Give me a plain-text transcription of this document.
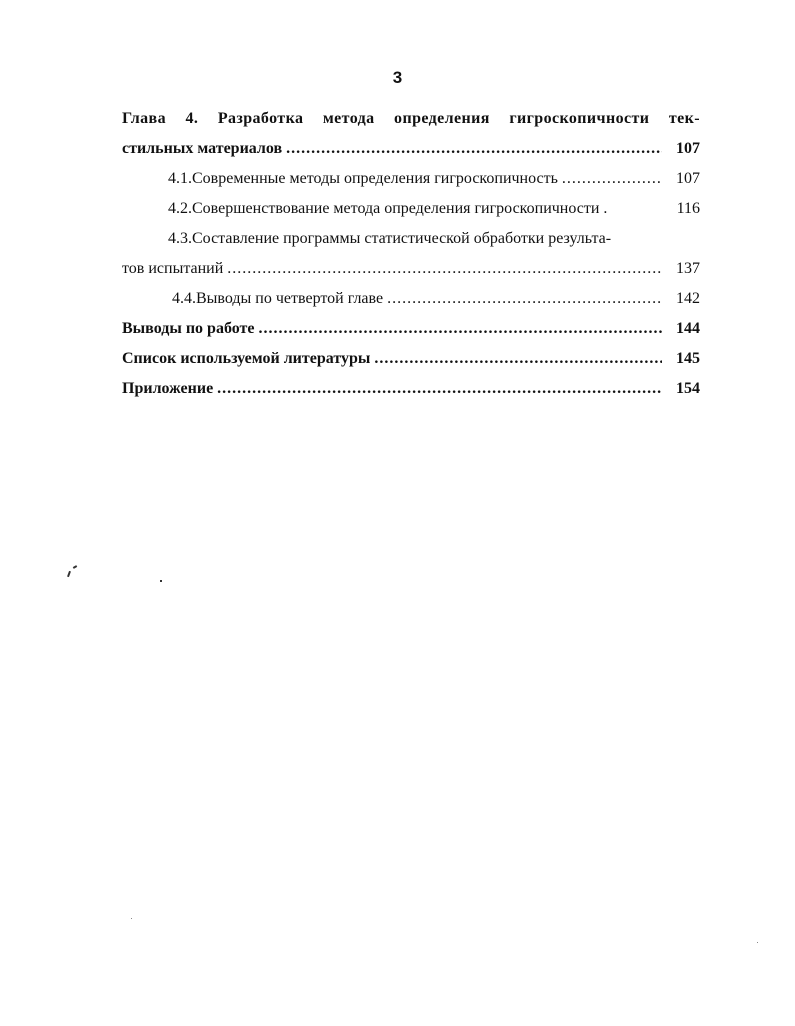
3
Глава 4. Разработка метода определения гигроскопичности тек-
стильных материалов .....	107
4.1.Современные методы определения гигроскопичность .....	107
4.2.Совершенствование метода определения гигроскопичности .	116
4.3.Составление программы статистической обработки результа-
тов испытаний .....	137
4.4.Выводы по четвертой главе .....	142
Выводы по работе .....	144
Список используемой литературы .....	145
Приложение .....	154
